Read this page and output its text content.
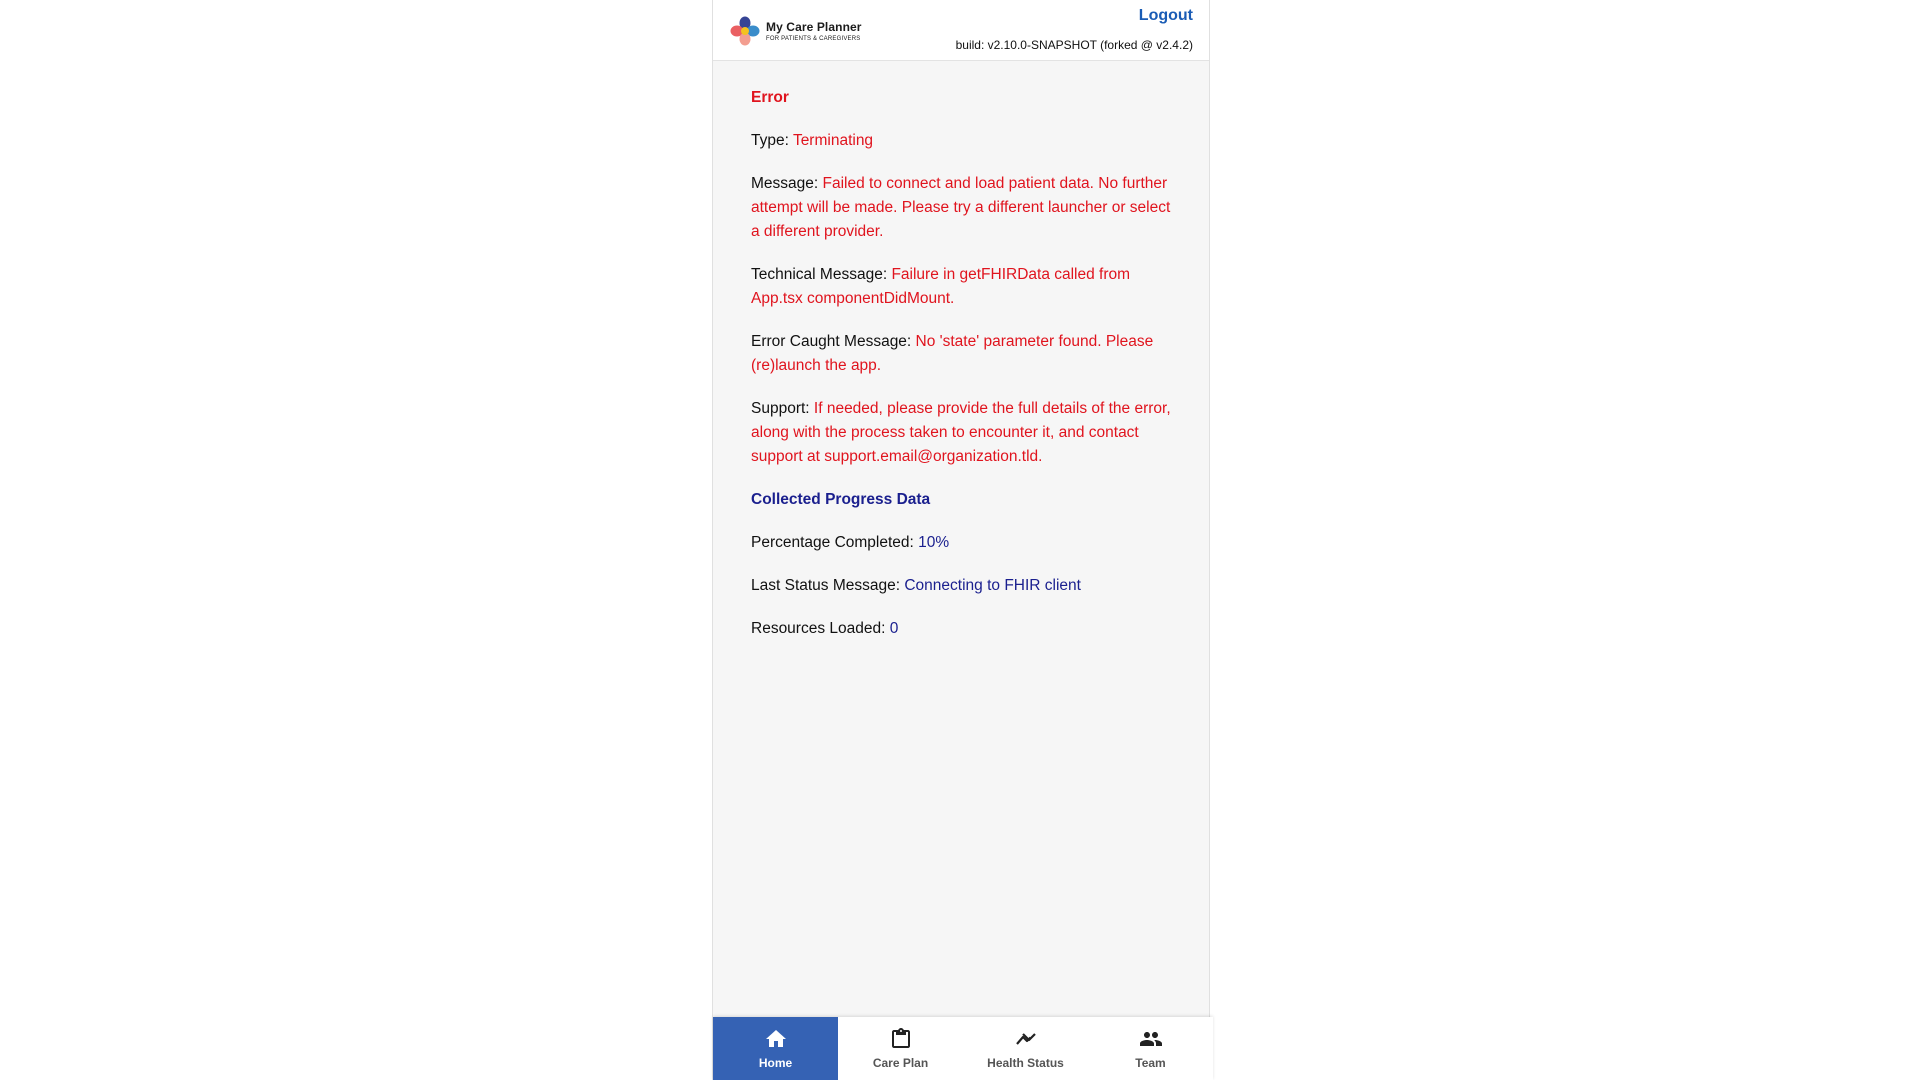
My Care Planner
FOR PATIENTS & CAREGIVERS
Logout
build: v2.10.0-SNAPSHOT (forked @ v2.4.2)
Error

Type: Terminating

Message: Failed to connect and load patient data. No further attempt will be made. Please try a different launcher or select a different provider.

Technical Message: Failure in getFHIRData called from App.tsx componentDidMount.

Error Caught Message: No 'state' parameter found. Please (re)launch the app.

Support: If needed, please provide the full details of the error, along with the process taken to encounter it, and contact support at support.email@organization.tld.

Collected Progress Data

Percentage Completed: 10%

Last Status Message: Connecting to FHIR client

Resources Loaded: 0

Home	Care Plan	Health Status	Team
